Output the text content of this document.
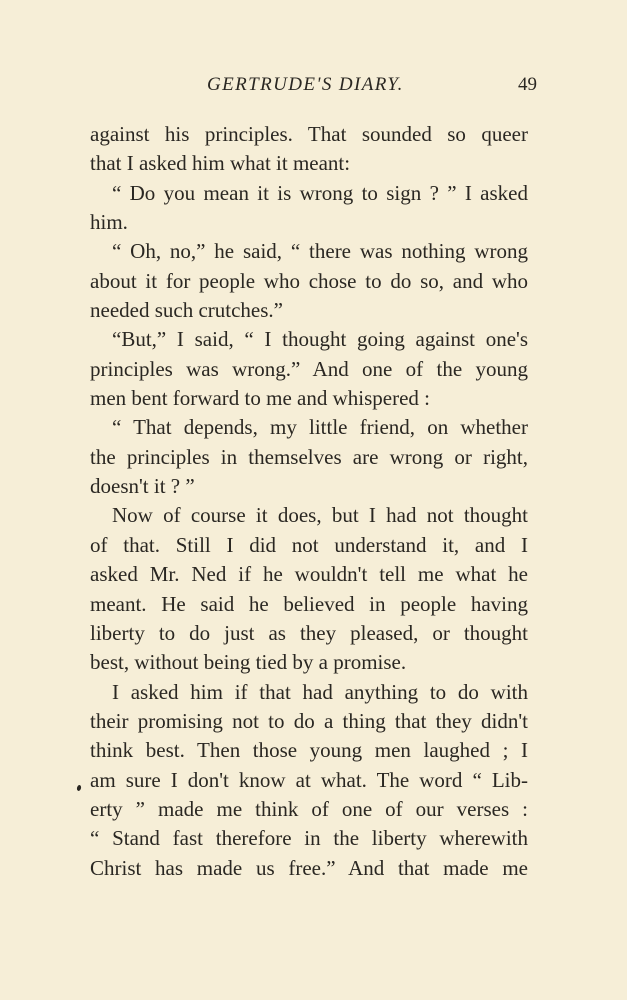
GERTRUDE'S DIARY.	49
against his principles. That sounded so queer
that I asked him what it meant:
“ Do you mean it is wrong to sign ? ” I asked
him.
“ Oh, no,” he said, “ there was nothing wrong
about it for people who chose to do so, and who
needed such crutches.”
“But,” I said, “ I thought going against one's
principles was wrong.” And one of the young
men bent forward to me and whispered :
“ That depends, my little friend, on whether
the principles in themselves are wrong or right,
doesn't it ? ”
Now of course it does, but I had not thought
of that. Still I did not understand it, and I
asked Mr. Ned if he wouldn't tell me what he
meant. He said he believed in people having
liberty to do just as they pleased, or thought
best, without being tied by a promise.
I asked him if that had anything to do with
their promising not to do a thing that they didn't
think best. Then those young men laughed ; I
am sure I don't know at what. The word “ Lib-
erty ” made me think of one of our verses :
“ Stand fast therefore in the liberty wherewith
Christ has made us free.” And that made me
